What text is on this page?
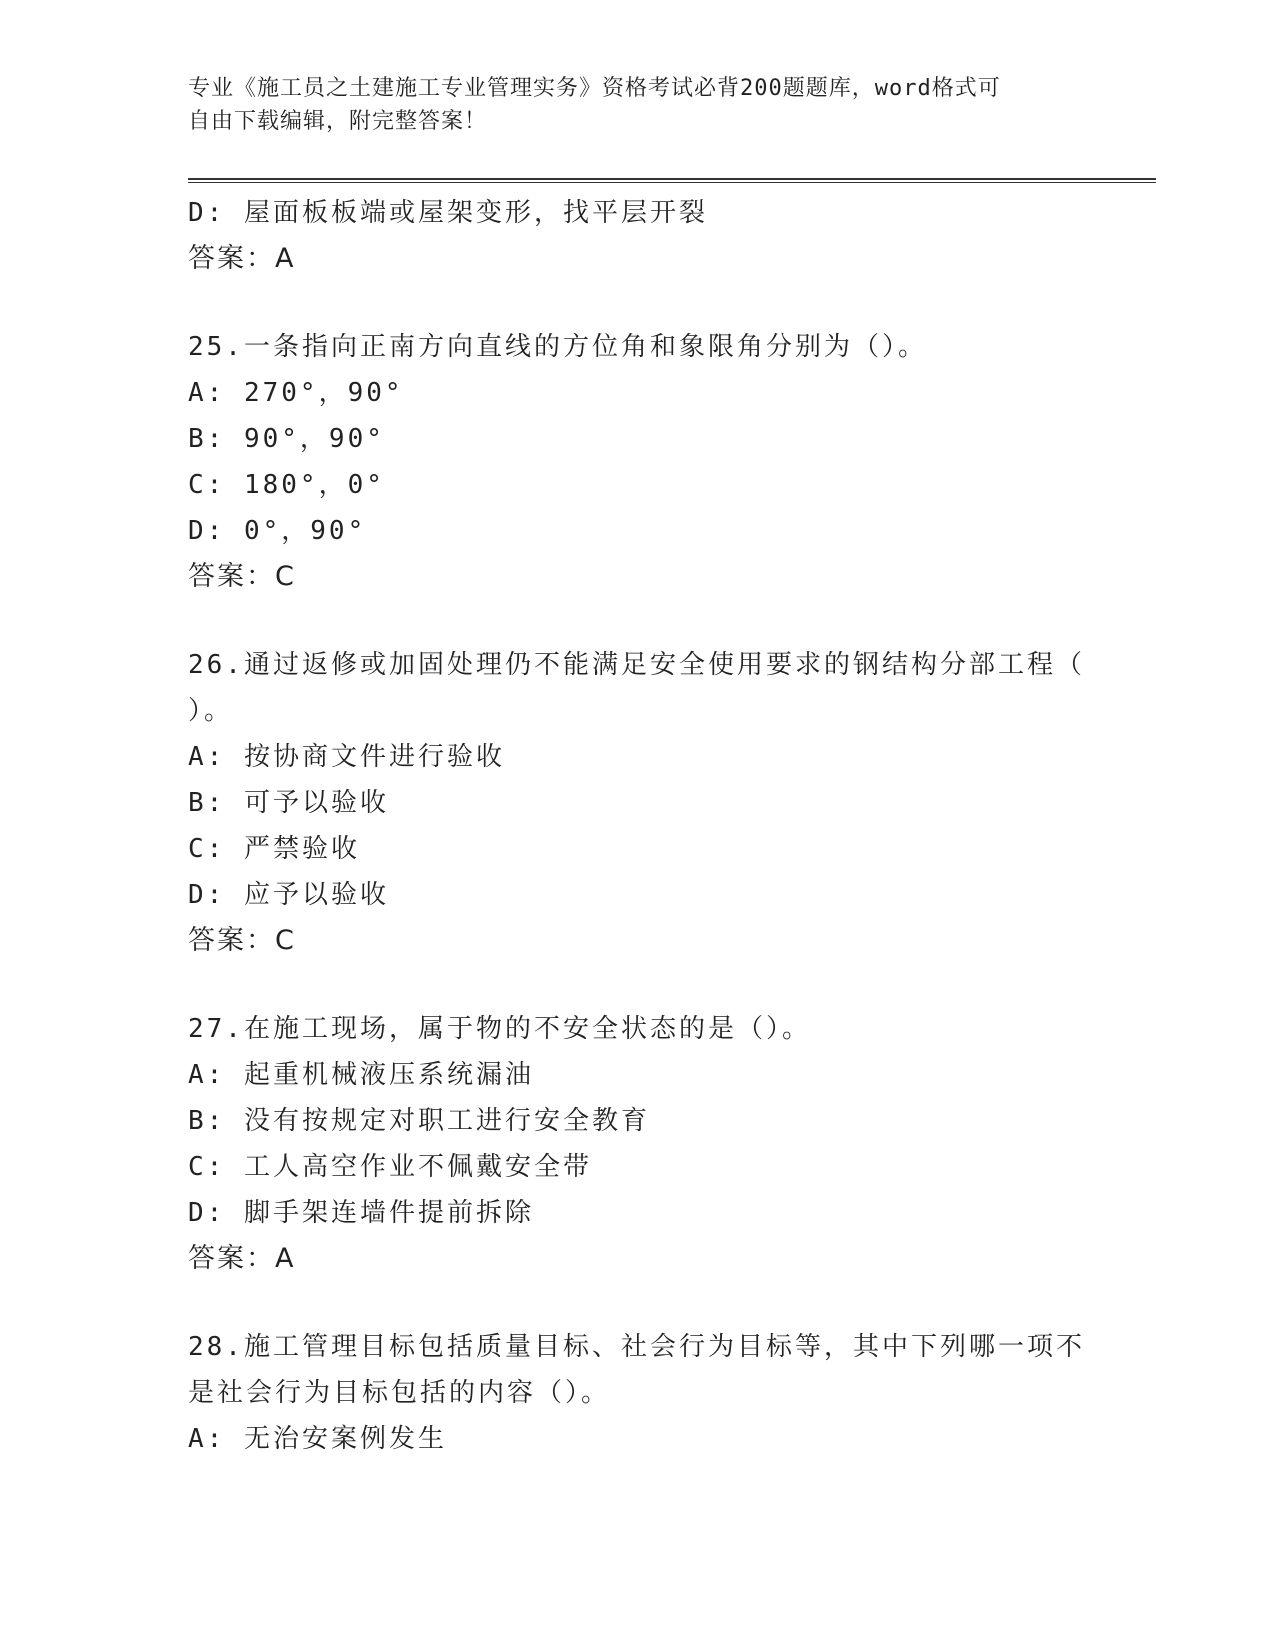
专业《施工员之土建施工专业管理实务》资格考试必背200题题库，word格式可
自由下载编辑，附完整答案！
D: 屋面板板端或屋架变形，找平层开裂
答案：A
25.一条指向正南方向直线的方位角和象限角分别为（）。
A: 270°，90°
B: 90°，90°
C: 180°，0°
D: 0°，90°
答案：C
26.通过返修或加固处理仍不能满足安全使用要求的钢结构分部工程（
）。
A: 按协商文件进行验收
B: 可予以验收
C: 严禁验收
D: 应予以验收
答案：C
27.在施工现场，属于物的不安全状态的是（）。
A: 起重机械液压系统漏油
B: 没有按规定对职工进行安全教育
C: 工人高空作业不佩戴安全带
D: 脚手架连墙件提前拆除
答案：A
28.施工管理目标包括质量目标、社会行为目标等，其中下列哪一项不
是社会行为目标包括的内容（）。
A: 无治安案例发生
